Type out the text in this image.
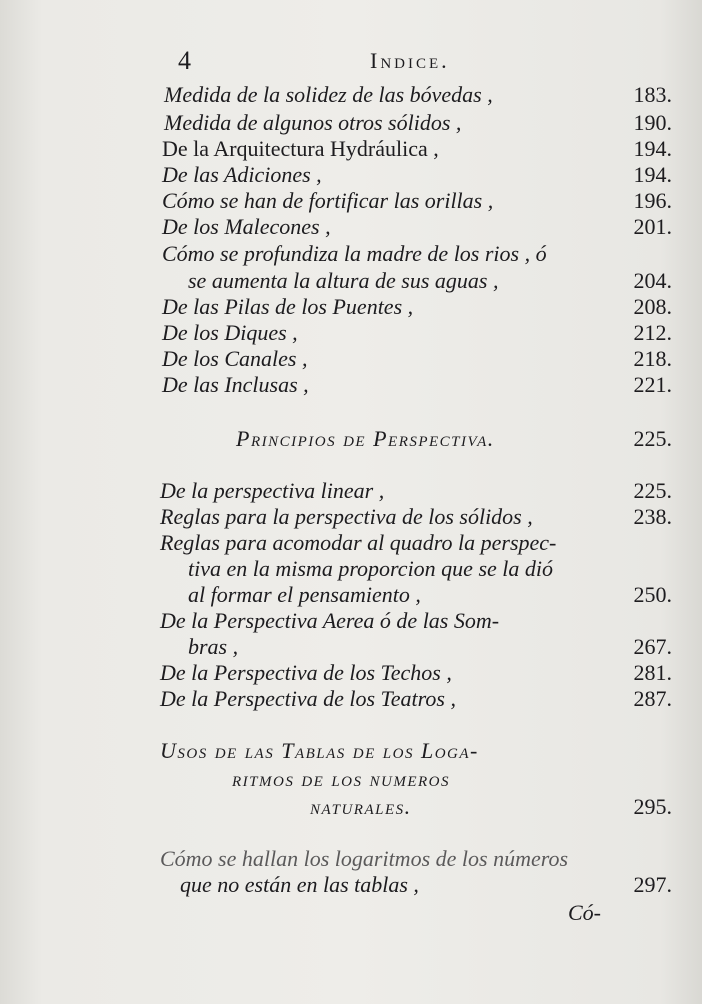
4	Indice.
Medida de la solidez de las bóvedas ,	183.
Medida de algunos otros sólidos ,	190.
De la Arquitectura Hydráulica ,	194.
De las Adiciones ,	194.
Cómo se han de fortificar las orillas ,	196.
De los Malecones ,	201.
Cómo se profundiza la madre de los rios , ó
se aumenta la altura de sus aguas ,	204.
De las Pilas de los Puentes ,	208.
De los Diques ,	212.
De los Canales ,	218.
De las Inclusas ,	221.
Principios de Perspectiva.	225.
De la perspectiva linear ,	225.
Reglas para la perspectiva de los sólidos ,	238.
Reglas para acomodar al quadro la perspec-
tiva en la misma proporcion que se la dió
al formar el pensamiento ,	250.
De la Perspectiva Aerea ó de las Som-
bras ,	267.
De la Perspectiva de los Techos ,	281.
De la Perspectiva de los Teatros ,	287.
Usos de las Tablas de los Loga-
ritmos de los numeros
naturales.	295.
Cómo se hallan los logaritmos de los números
que no están en las tablas ,	297.
Có-
